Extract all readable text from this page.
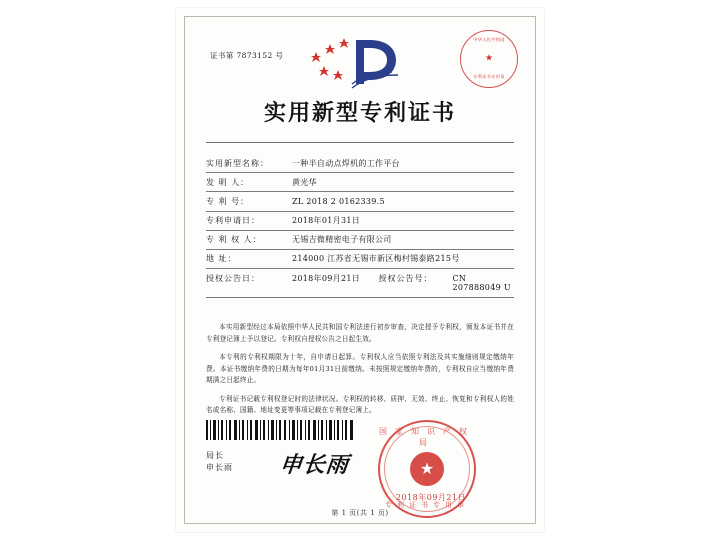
证书第 7873152 号
中华人民共和国
★
专利证书专用章
实用新型专利证书
实用新型名称：	一种半自动点焊机的工作平台
发 明 人：	黄光华
专 利 号：	ZL 2018 2 0162339.5
专利申请日：	2018年01月31日
专 利 权 人：	无锡吉微精密电子有限公司
地 址：	214000 江苏省无锡市新区梅村锡泰路215号
授权公告日：	2018年09月21日	授权公告号：	CN 207888049 U

本实用新型经过本局依照中华人民共和国专利法进行初步审查，决定授予专利权，颁发本证书并在专利登记簿上予以登记。专利权自授权公告之日起生效。

本专利的专利权期限为十年，自申请日起算。专利权人应当依照专利法及其实施细则规定缴纳年费。本证书缴纳年费的日期为每年01月31日前缴纳。未按照规定缴纳年费的，专利权自应当缴纳年费期满之日起终止。

专利证书记载专利权登记时的法律状况。专利权的转移、质押、无效、终止、恢复和专利权人的姓名或名称、国籍、地址变更等事项记载在专利登记簿上。

局长
申长雨 申长雨
国家知识产权局
★
专利证书专用章
2018年09月21日
第 1 页(共 1 页)
